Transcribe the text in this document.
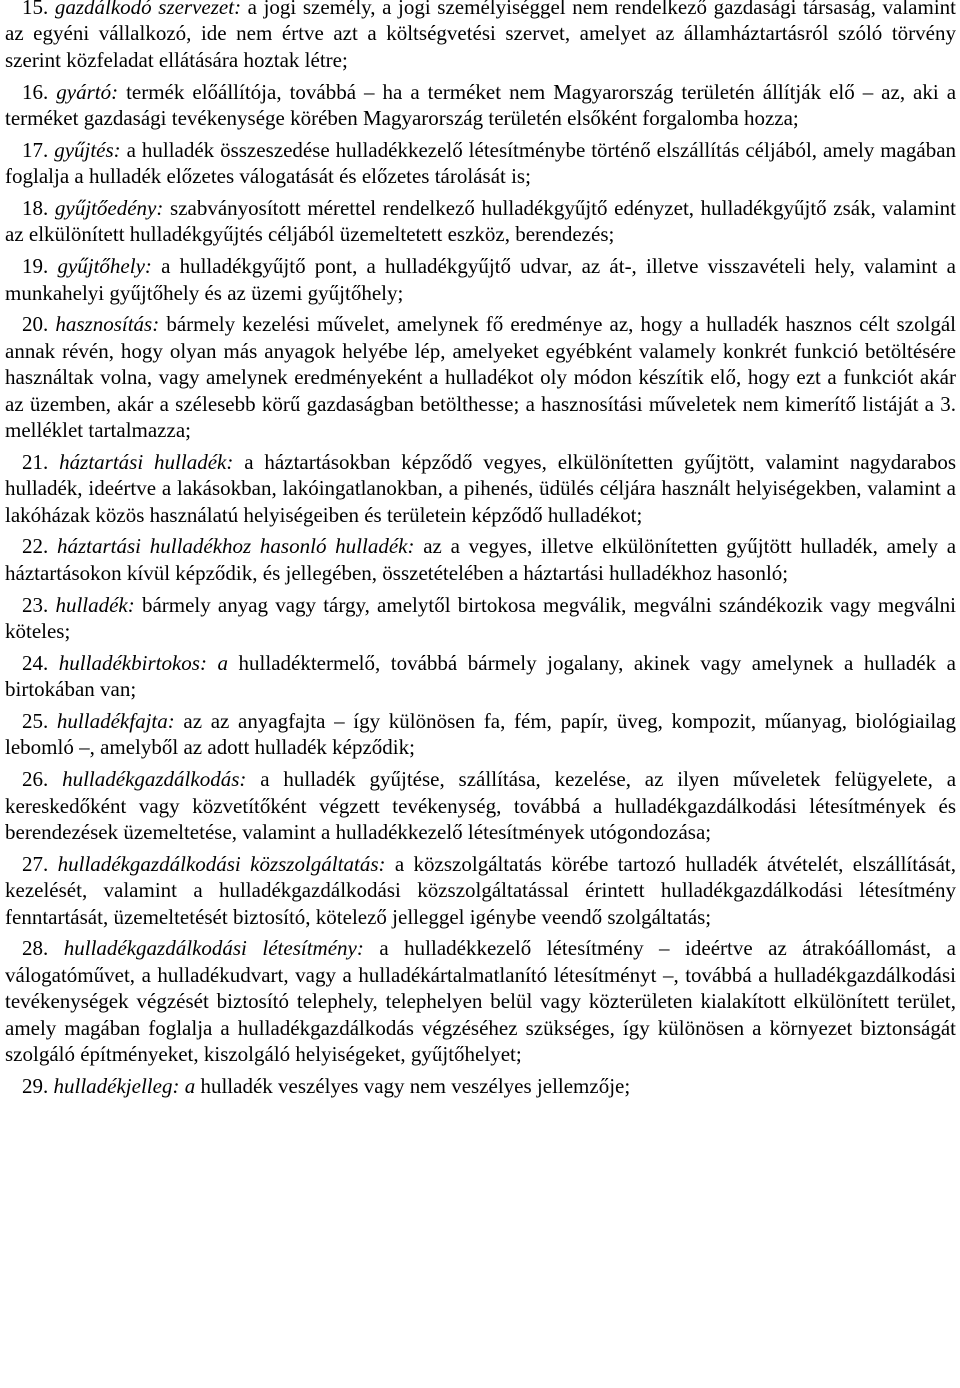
15. gazdálkodó szervezet: a jogi személy, a jogi személyiséggel nem rendelkező gazdasági társaság, valamint az egyéni vállalkozó, ide nem értve azt a költségvetési szervet, amelyet az államháztartásról szóló törvény szerint közfeladat ellátására hoztak létre;

16. gyártó: termék előállítója, továbbá – ha a terméket nem Magyarország területén állítják elő – az, aki a terméket gazdasági tevékenysége körében Magyarország területén elsőként forgalomba hozza;

17. gyűjtés: a hulladék összeszedése hulladékkezelő létesítménybe történő elszállítás céljából, amely magában foglalja a hulladék előzetes válogatását és előzetes tárolását is;

18. gyűjtőedény: szabványosított mérettel rendelkező hulladékgyűjtő edényzet, hulladékgyűjtő zsák, valamint az elkülönített hulladékgyűjtés céljából üzemeltetett eszköz, berendezés;

19. gyűjtőhely: a hulladékgyűjtő pont, a hulladékgyűjtő udvar, az át-, illetve visszavételi hely, valamint a munkahelyi gyűjtőhely és az üzemi gyűjtőhely;

20. hasznosítás: bármely kezelési művelet, amelynek fő eredménye az, hogy a hulladék hasznos célt szolgál annak révén, hogy olyan más anyagok helyébe lép, amelyeket egyébként valamely konkrét funkció betöltésére használtak volna, vagy amelynek eredményeként a hulladékot oly módon készítik elő, hogy ezt a funkciót akár az üzemben, akár a szélesebb körű gazdaságban betölthesse; a hasznosítási műveletek nem kimerítő listáját a 3. melléklet tartalmazza;

21. háztartási hulladék: a háztartásokban képződő vegyes, elkülönítetten gyűjtött, valamint nagydarabos hulladék, ideértve a lakásokban, lakóingatlanokban, a pihenés, üdülés céljára használt helyiségekben, valamint a lakóházak közös használatú helyiségeiben és területein képződő hulladékot;

22. háztartási hulladékhoz hasonló hulladék: az a vegyes, illetve elkülönítetten gyűjtött hulladék, amely a háztartásokon kívül képződik, és jellegében, összetételében a háztartási hulladékhoz hasonló;

23. hulladék: bármely anyag vagy tárgy, amelytől birtokosa megválik, megválni szándékozik vagy megválni köteles;

24. hulladékbirtokos: a hulladéktermelő, továbbá bármely jogalany, akinek vagy amelynek a hulladék a birtokában van;

25. hulladékfajta: az az anyagfajta – így különösen fa, fém, papír, üveg, kompozit, műanyag, biológiailag lebomló –, amelyből az adott hulladék képződik;

26. hulladékgazdálkodás: a hulladék gyűjtése, szállítása, kezelése, az ilyen műveletek felügyelete, a kereskedőként vagy közvetítőként végzett tevékenység, továbbá a hulladékgazdálkodási létesítmények és berendezések üzemeltetése, valamint a hulladékkezelő létesítmények utógondozása;

27. hulladékgazdálkodási közszolgáltatás: a közszolgáltatás körébe tartozó hulladék átvételét, elszállítását, kezelését, valamint a hulladékgazdálkodási közszolgáltatással érintett hulladékgazdálkodási létesítmény fenntartását, üzemeltetését biztosító, kötelező jelleggel igénybe veendő szolgáltatás;

28. hulladékgazdálkodási létesítmény: a hulladékkezelő létesítmény – ideértve az átrakóállomást, a válogatóművet, a hulladékudvart, vagy a hulladékártalmatlanító létesítményt –, továbbá a hulladékgazdálkodási tevékenységek végzését biztosító telephely, telephelyen belül vagy közterületen kialakított elkülönített terület, amely magában foglalja a hulladékgazdálkodás végzéséhez szükséges, így különösen a környezet biztonságát szolgáló építményeket, kiszolgáló helyiségeket, gyűjtőhelyet;

29. hulladékjelleg: a hulladék veszélyes vagy nem veszélyes jellemzője;
